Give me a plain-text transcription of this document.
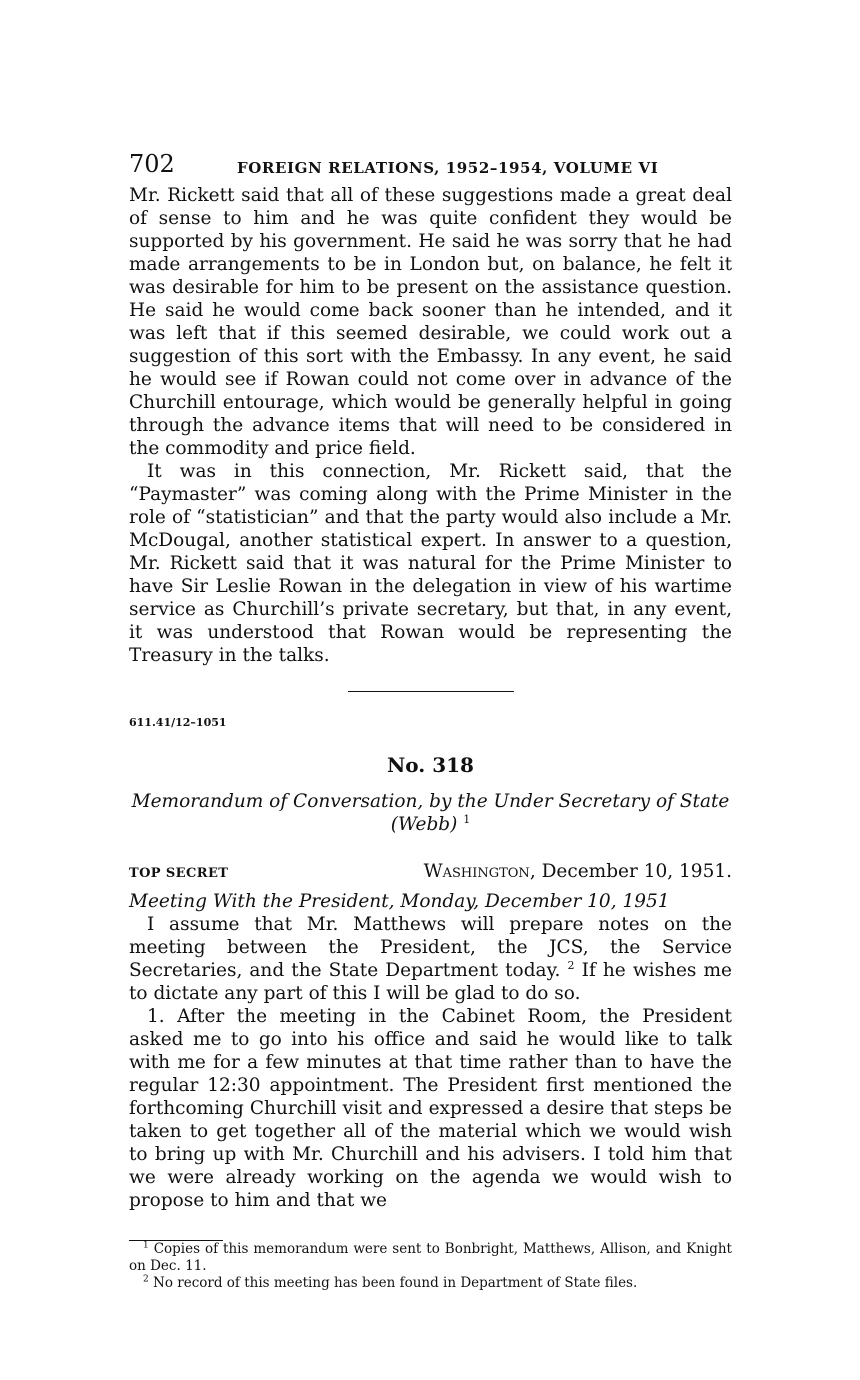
702	FOREIGN RELATIONS, 1952–1954, VOLUME VI

Mr. Rickett said that all of these suggestions made a great deal of sense to him and he was quite confident they would be supported by his government. He said he was sorry that he had made arrangements to be in London but, on balance, he felt it was desirable for him to be present on the assistance question. He said he would come back sooner than he intended, and it was left that if this seemed desirable, we could work out a suggestion of this sort with the Embassy. In any event, he said he would see if Rowan could not come over in advance of the Churchill entourage, which would be generally helpful in going through the advance items that will need to be considered in the commodity and price field.

It was in this connection, Mr. Rickett said, that the “Paymaster” was coming along with the Prime Minister in the role of “statistician” and that the party would also include a Mr. McDougal, another statistical expert. In answer to a question, Mr. Rickett said that it was natural for the Prime Minister to have Sir Leslie Rowan in the delegation in view of his wartime service as Churchill’s private secretary, but that, in any event, it was understood that Rowan would be representing the Treasury in the talks.

611.41/12–1051
No. 318
Memorandum of Conversation, by the Under Secretary of State (Webb) $^1$
TOP SECRET	Washington, December 10, 1951.

Meeting With the President, Monday, December 10, 1951

I assume that Mr. Matthews will prepare notes on the meeting between the President, the JCS, the Service Secretaries, and the State Department today. $^2$ If he wishes me to dictate any part of this I will be glad to do so.

1. After the meeting in the Cabinet Room, the President asked me to go into his office and said he would like to talk with me for a few minutes at that time rather than to have the regular 12:30 appointment. The President first mentioned the forthcoming Churchill visit and expressed a desire that steps be taken to get together all of the material which we would wish to bring up with Mr. Churchill and his advisers. I told him that we were already working on the agenda we would wish to propose to him and that we

$^1$ Copies of this memorandum were sent to Bonbright, Matthews, Allison, and Knight on Dec. 11.

$^2$ No record of this meeting has been found in Department of State files.
